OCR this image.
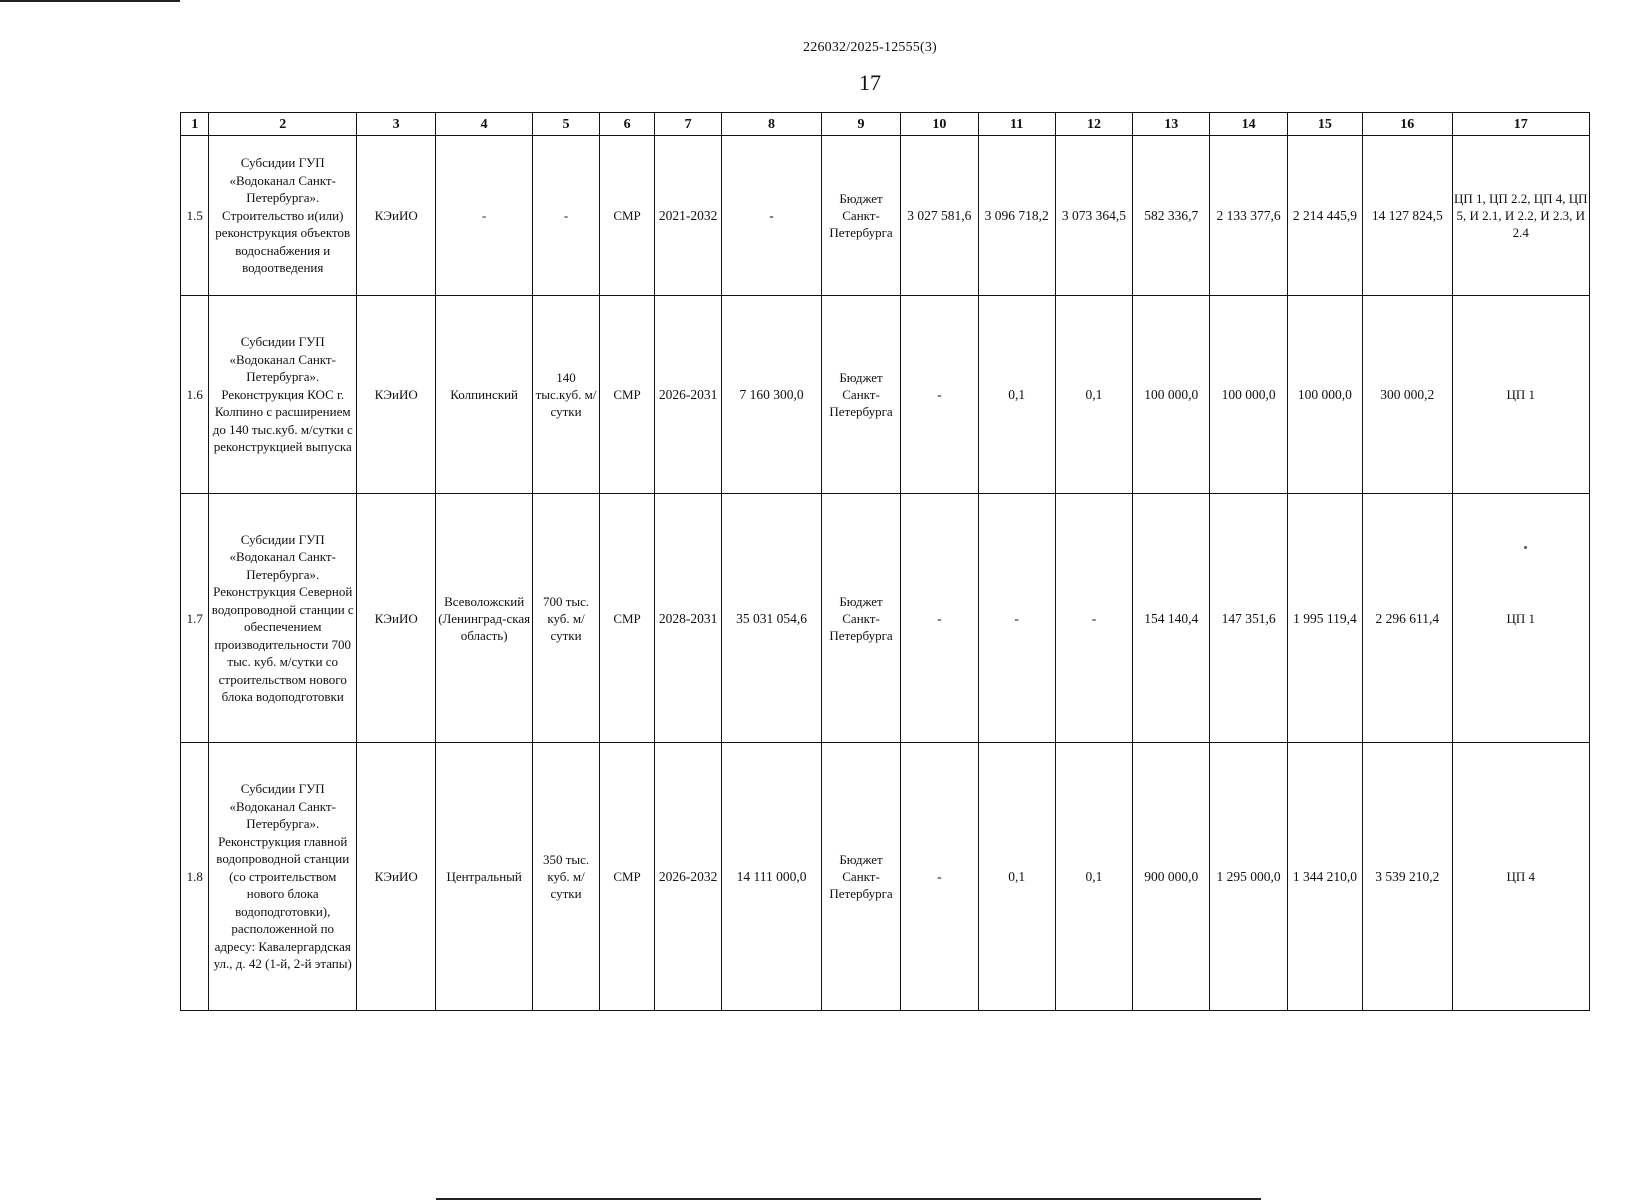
226032/2025-12555(3)
17
1	2	3	4	5	6	7	8	9	10	11	12	13	14	15	16	17
1.5	Субсидии ГУП «Водоканал Санкт-Петербурга». Строительство и(или) реконструкция объектов водоснабжения и водоотведения	КЭиИО	-	-	СМР	2021-2032	-	Бюджет Санкт-Петербурга	3 027 581,6	3 096 718,2	3 073 364,5	582 336,7	2 133 377,6	2 214 445,9	14 127 824,5	ЦП 1, ЦП 2.2, ЦП 4, ЦП 5, И 2.1, И 2.2, И 2.3, И 2.4
1.6	Субсидии ГУП «Водоканал Санкт-Петербурга». Реконструкция КОС г. Колпино с расширением до 140 тыс.куб. м/сутки с реконструкцией выпуска	КЭиИО	Колпинский	140 тыс.куб. м/сутки	СМР	2026-2031	7 160 300,0	Бюджет Санкт-Петербурга	-	0,1	0,1	100 000,0	100 000,0	100 000,0	300 000,2	ЦП 1
1.7	Субсидии ГУП «Водоканал Санкт-Петербурга». Реконструкция Северной водопроводной станции с обеспечением производительности 700 тыс. куб. м/сутки со строительством нового блока водоподготовки	КЭиИО	Всеволожский (Ленинград-ская область)	700 тыс. куб. м/сутки	СМР	2028-2031	35 031 054,6	Бюджет Санкт-Петербурга	-	-	-	154 140,4	147 351,6	1 995 119,4	2 296 611,4	ЦП 1
1.8	Субсидии ГУП «Водоканал Санкт-Петербурга». Реконструкция главной водопроводной станции (со строительством нового блока водоподготовки), расположенной по адресу: Кавалергардская ул., д. 42 (1-й, 2-й этапы)	КЭиИО	Центральный	350 тыс. куб. м/сутки	СМР	2026-2032	14 111 000,0	Бюджет Санкт-Петербурга	-	0,1	0,1	900 000,0	1 295 000,0	1 344 210,0	3 539 210,2	ЦП 4
